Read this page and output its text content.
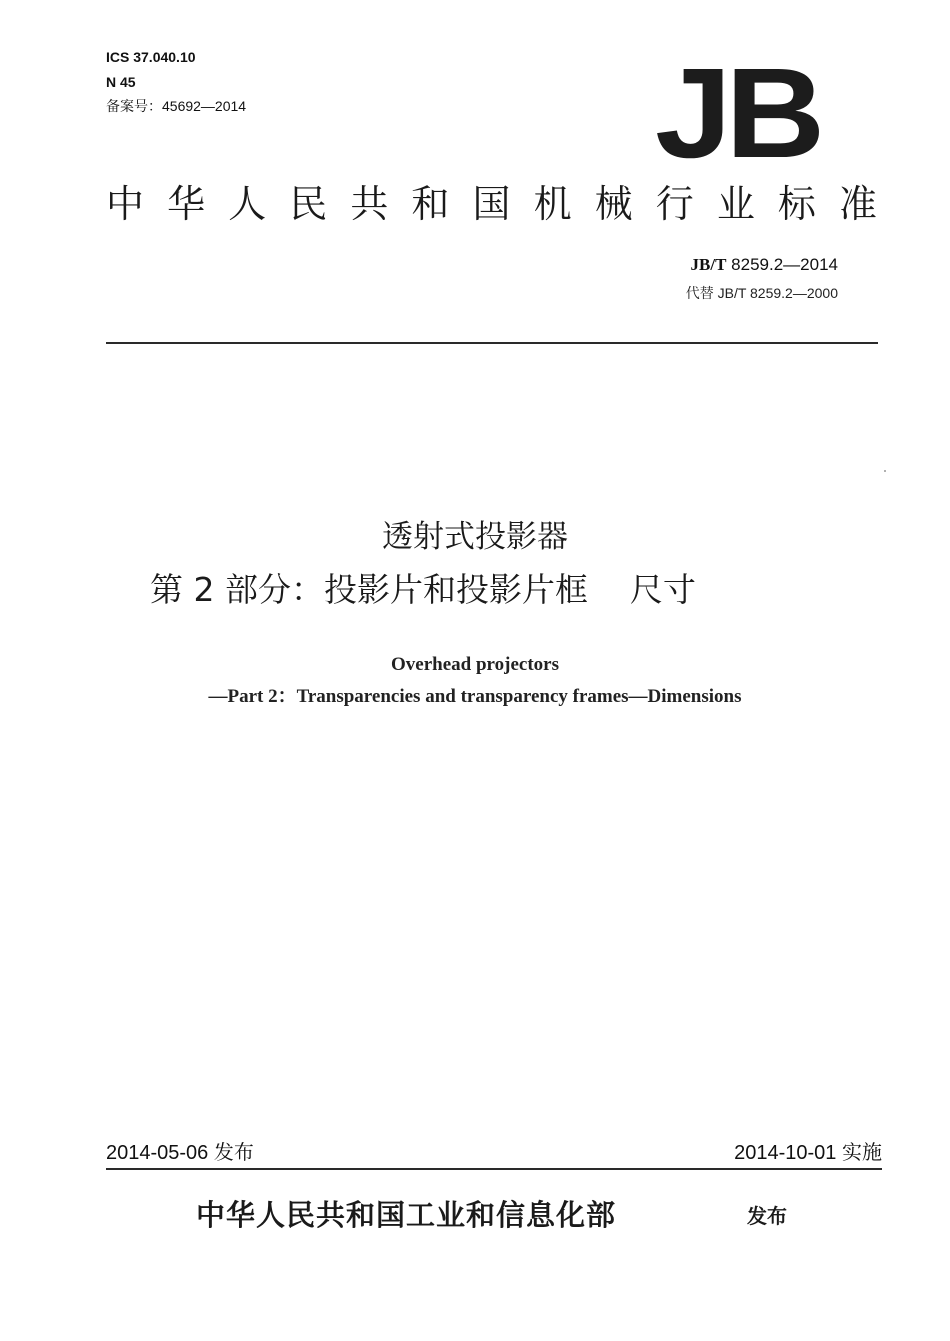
ICS 37.040.10
N 45
备案号：45692—2014	JB
中华人民共和国机械行业标准
JB/T 8259.2—2014
代替 JB/T 8259.2—2000
透射式投影器
第 2 部分：投影片和投影片框    尺寸
Overhead projectors
—Part 2：Transparencies and transparency frames—Dimensions
2014-05-06 发布	2014-10-01 实施
中华人民共和国工业和信息化部	发布
